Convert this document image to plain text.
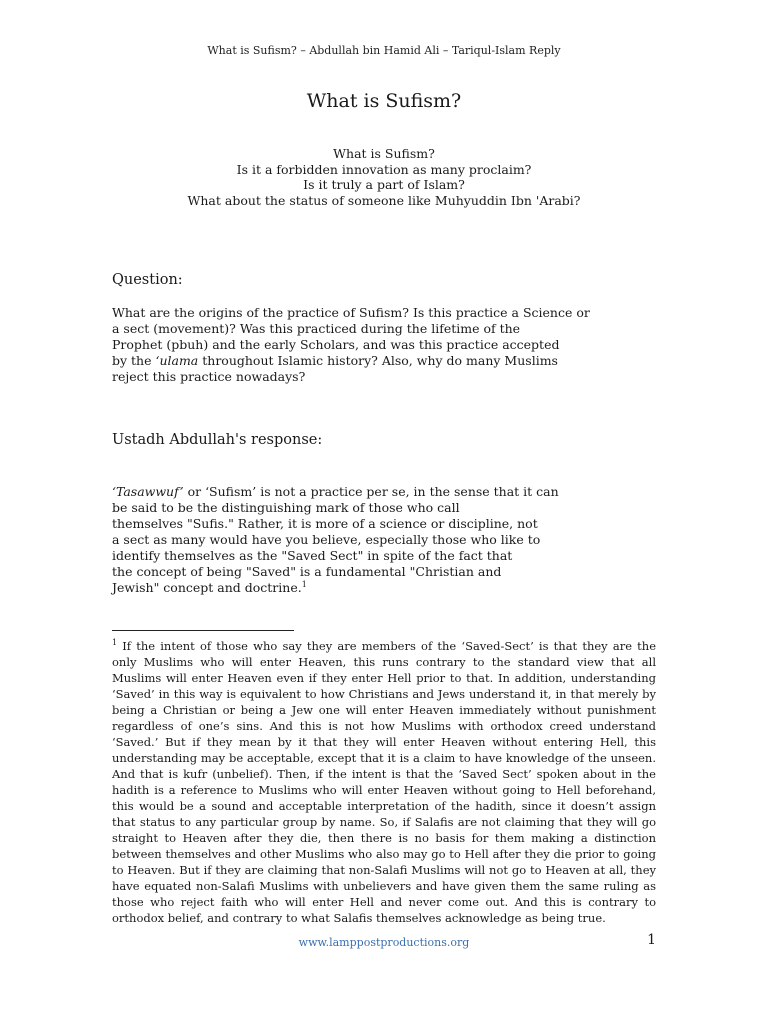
What is Sufism? – Abdullah bin Hamid Ali – Tariqul-Islam Reply
What is Sufism?
What is Sufism?
Is it a forbidden innovation as many proclaim?
Is it truly a part of Islam?
What about the status of someone like Muhyuddin Ibn 'Arabi?
Question:
What are the origins of the practice of Sufism? Is this practice a Science or
a sect (movement)? Was this practiced during the lifetime of the
Prophet (pbuh) and the early Scholars, and was this practice accepted
by the ‘ulama throughout Islamic history? Also, why do many Muslims
reject this practice nowadays?
Ustadh Abdullah's response:
‘Tasawwuf’ or ‘Sufism’ is not a practice per se, in the sense that it can
be said to be the distinguishing mark of those who call
themselves "Sufis." Rather, it is more of a science or discipline, not
a sect as many would have you believe, especially those who like to
identify themselves as the "Saved Sect" in spite of the fact that
the concept of being "Saved" is a fundamental "Christian and
Jewish" concept and doctrine.$^1$
$^1$ If the intent of those who say they are members of the ‘Saved-Sect’ is that they are the only Muslims who will enter Heaven, this runs contrary to the standard view that all Muslims will enter Heaven even if they enter Hell prior to that. In addition, understanding ‘Saved’ in this way is equivalent to how Christians and Jews understand it, in that merely by being a Christian or being a Jew one will enter Heaven immediately without punishment regardless of one’s sins. And this is not how Muslims with orthodox creed understand ‘Saved.’ But if they mean by it that they will enter Heaven without entering Hell, this understanding may be acceptable, except that it is a claim to have knowledge of the unseen. And that is kufr (unbelief). Then, if the intent is that the ‘Saved Sect’ spoken about in the hadith is a reference to Muslims who will enter Heaven without going to Hell beforehand, this would be a sound and acceptable interpretation of the hadith, since it doesn’t assign that status to any particular group by name. So, if Salafis are not claiming that they will go straight to Heaven after they die, then there is no basis for them making a distinction between themselves and other Muslims who also may go to Hell after they die prior to going to Heaven. But if they are claiming that non-Salafi Muslims will not go to Heaven at all, they have equated non-Salafi Muslims with unbelievers and have given them the same ruling as those who reject faith who will enter Hell and never come out. And this is contrary to orthodox belief, and contrary to what Salafis themselves acknowledge as being true.
www.lamppostproductions.org	1
